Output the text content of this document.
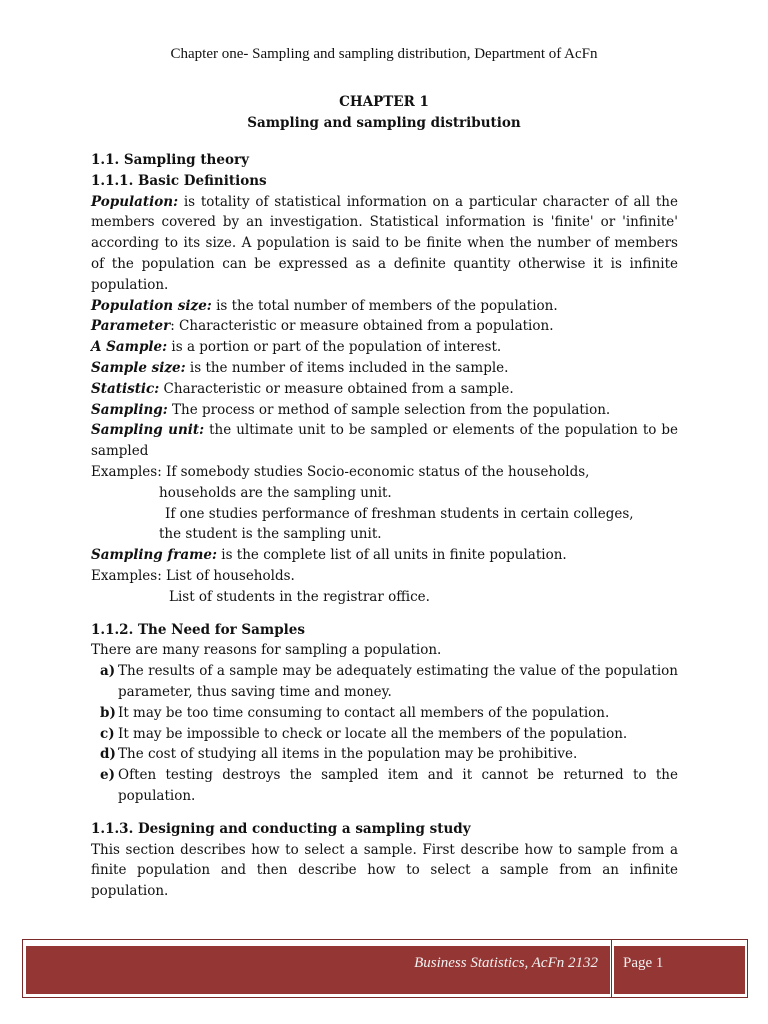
Chapter one- Sampling and sampling distribution, Department of AcFn
CHAPTER 1
Sampling and sampling distribution

1.1. Sampling theory

1.1.1. Basic Definitions

Population: is totality of statistical information on a particular character of all the members covered by an investigation. Statistical information is 'finite' or 'infinite' according to its size. A population is said to be finite when the number of members of the population can be expressed as a definite quantity otherwise it is infinite population.

Population size: is the total number of members of the population.

Parameter: Characteristic or measure obtained from a population.

A Sample: is a portion or part of the population of interest.

Sample size: is the number of items included in the sample.

Statistic: Characteristic or measure obtained from a sample.

Sampling: The process or method of sample selection from the population.

Sampling unit: the ultimate unit to be sampled or elements of the population to be sampled

Examples: If somebody studies Socio-economic status of the households,

households are the sampling unit.

If one studies performance of freshman students in certain colleges,

the student is the sampling unit.

Sampling frame: is the complete list of all units in finite population.

Examples: List of households.

List of students in the registrar office.

1.1.2. The Need for Samples

There are many reasons for sampling a population.

a) The results of a sample may be adequately estimating the value of the population parameter, thus saving time and money.
b) It may be too time consuming to contact all members of the population.
c) It may be impossible to check or locate all the members of the population.
d) The cost of studying all items in the population may be prohibitive.
e) Often testing destroys the sampled item and it cannot be returned to the population.

1.1.3. Designing and conducting a sampling study

This section describes how to select a sample. First describe how to sample from a finite population and then describe how to select a sample from an infinite population.

Business Statistics, AcFn 2132	Page 1
